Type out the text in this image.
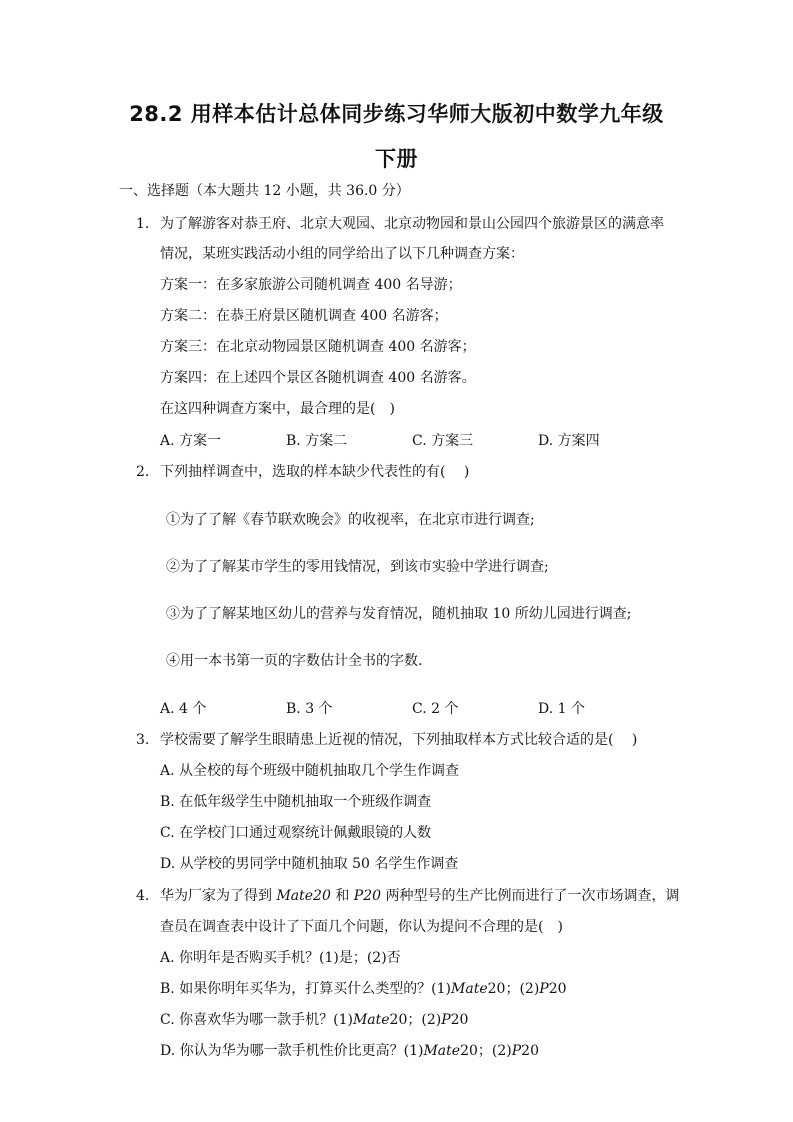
28.2 用样本估计总体同步练习华师大版初中数学九年级
下册
一、选择题（本大题共 12 小题，共 36.0 分）
1. 为了解游客对恭王府、北京大观园、北京动物园和景山公园四个旅游景区的满意率
情况，某班实践活动小组的同学给出了以下几种调查方案：
方案一：在多家旅游公司随机调查 400 名导游；
方案二：在恭王府景区随机调查 400 名游客；
方案三：在北京动物园景区随机调查 400 名游客；
方案四：在上述四个景区各随机调查 400 名游客。
在这四种调查方案中，最合理的是(　)
A. 方案一	B. 方案二	C. 方案三	D. 方案四
2. 下列抽样调查中，选取的样本缺少代表性的有(　 )
①为了了解《春节联欢晚会》的收视率，在北京市进行调查;
②为了了解某市学生的零用钱情况，到该市实验中学进行调查;
③为了了解某地区幼儿的营养与发育情况，随机抽取 10 所幼儿园进行调查;
④用一本书第一页的字数估计全书的字数.
A. 4 个	B. 3 个	C. 2 个	D. 1 个
3. 学校需要了解学生眼睛患上近视的情况，下列抽取样本方式比较合适的是(　 )
A. 从全校的每个班级中随机抽取几个学生作调查
B. 在低年级学生中随机抽取一个班级作调查
C. 在学校门口通过观察统计佩戴眼镜的人数
D. 从学校的男同学中随机抽取 50 名学生作调查
4. 华为厂家为了得到 Mate20 和 P20 两种型号的生产比例而进行了一次市场调查，调
查员在调查表中设计了下面几个问题，你认为提问不合理的是(　)
A. 你明年是否购买手机？(1)是；(2)否
B. 如果你明年买华为，打算买什么类型的？(1)Mate20；(2)P20
C. 你喜欢华为哪一款手机？(1)Mate20；(2)P20
D. 你认为华为哪一款手机性价比更高？(1)Mate20；(2)P20
